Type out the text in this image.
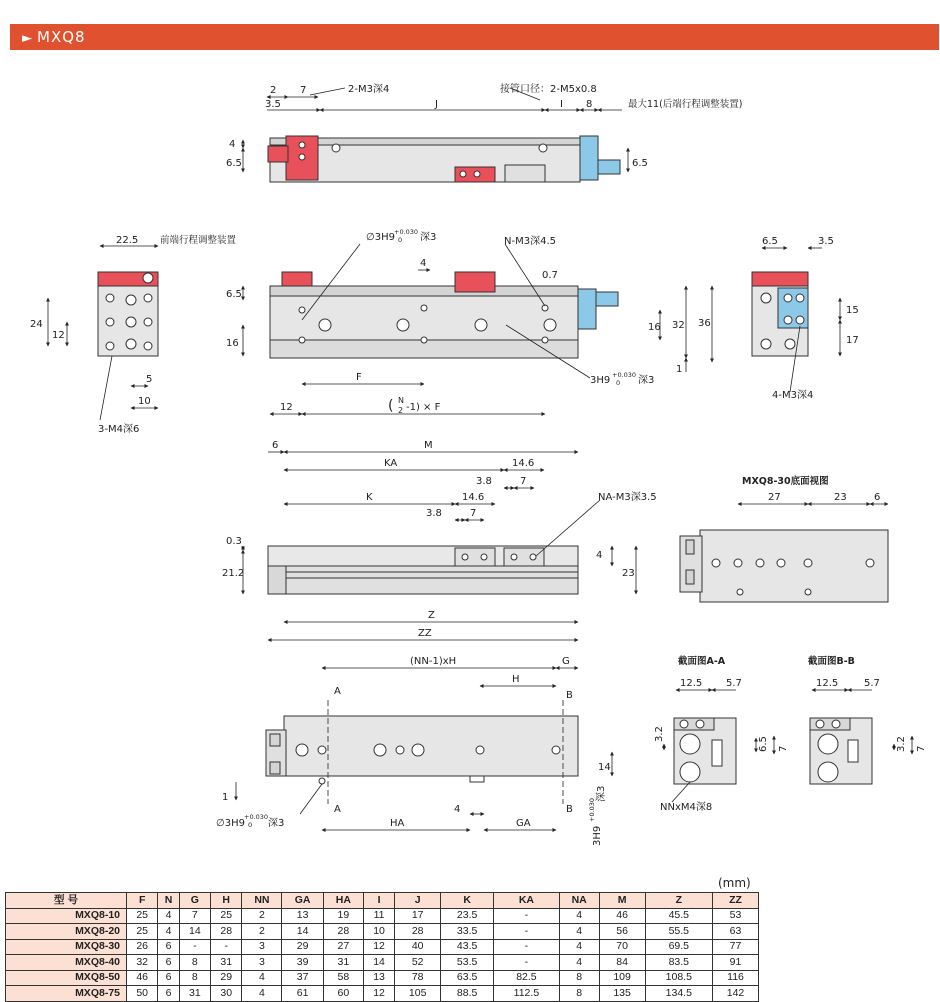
► MXQ8
2 7
3.5	J	I 8
4
6.5	6.5
2-M3深4	接管口径：2-M5x0.8
最大11(后端行程调整装置)
22.5 前端行程调整装置
24
12
5
10
3-M4深6
6.5
16
4
F
12
16 32 36
1
0.7
∅3H9 +0.030
0 深3	N-M3深4.5
3H9 +0.030
0 深3
( N
2 -1) × F
6.5	3.5
15
17
4-M3深4
6	M
KA	14.6
3.8	7
K	14.6
3.8	7
0.3
21.2
4
23
Z
ZZ
NA-M3深3.5
MXQ8-30底面视图
27	23	6
(NN-1)xH	G
H
A	B
A	B
HA	GA
4
14
1
∅3H9
+0.030
0 深3
3H9
+0.030
深3
截面图A-A
12.5 5.7
3.2
6.5 7
NNxM4深8
截面图B-B
12.5	5.7
3.2 7
(mm)
型 号	F	N	G	H	NN	GA	HA	I	J	K	KA	NA	M	Z	ZZ
MXQ8-10	25	4	7	25	2	13	19	11	17	23.5	-	4	46	45.5	53
MXQ8-20	25	4	14	28	2	14	28	10	28	33.5	-	4	56	55.5	63
MXQ8-30	26	6	-	-	3	29	27	12	40	43.5	-	4	70	69.5	77
MXQ8-40	32	6	8	31	3	39	31	14	52	53.5	-	4	84	83.5	91
MXQ8-50	46	6	8	29	4	37	58	13	78	63.5	82.5	8	109	108.5	116
MXQ8-75	50	6	31	30	4	61	60	12	105	88.5	112.5	8	135	134.5	142
